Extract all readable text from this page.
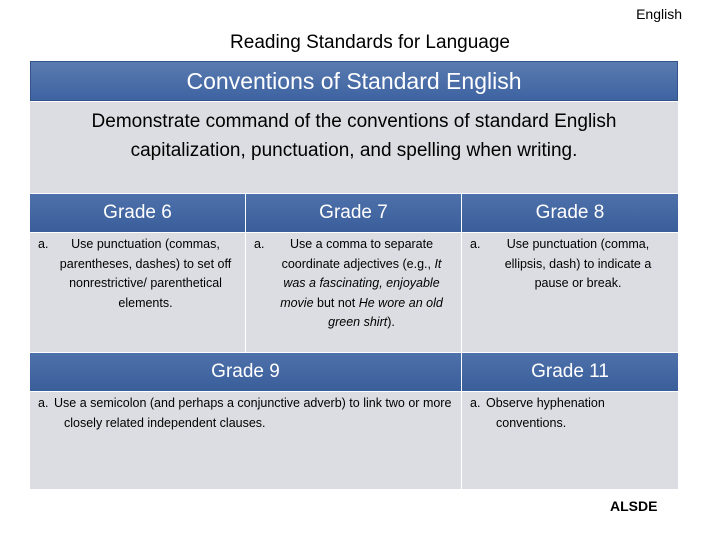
English
Reading Standards for Language
Conventions of Standard English
Demonstrate command of the conventions of standard English
capitalization, punctuation, and spelling when writing.
Grade 6	Grade 7	Grade 8
a.	Use punctuation (commas, parentheses, dashes) to set off nonrestrictive/ parenthetical elements.
a.	Use a comma to separate coordinate adjectives (e.g., It was a fascinating, enjoyable movie but not He wore an old green shirt).
a.	Use punctuation (comma, ellipsis, dash) to indicate a pause or break.
Grade 9	Grade 11
a. Use a semicolon (and perhaps a conjunctive adverb) to link two or more closely related independent clauses.
a. Observe hyphenation conventions.
ALSDE
